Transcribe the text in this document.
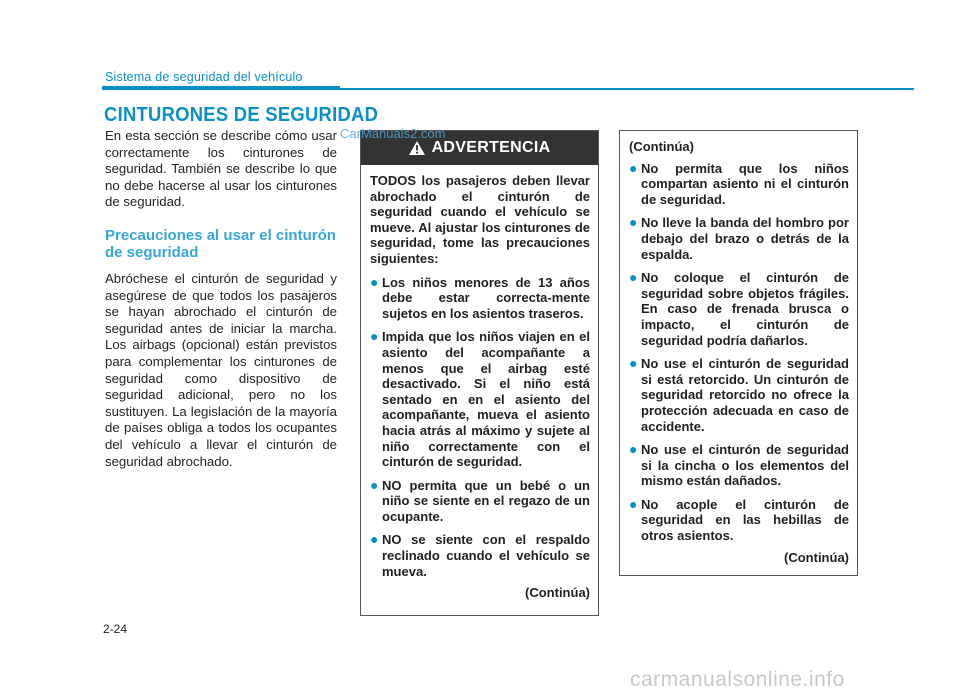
Sistema de seguridad del vehículo
CINTURONES DE SEGURIDAD

En esta sección se describe cómo usar correctamente los cinturones de seguridad. También se describe lo que no debe hacerse al usar los cinturones de seguridad.

Precauciones al usar el cinturón de seguridad

Abróchese el cinturón de seguridad y asegúrese de que todos los pasajeros se hayan abrochado el cinturón de seguridad antes de iniciar la marcha. Los airbags (opcional) están previstos para complementar los cinturones de seguridad como dispositivo de seguridad adicional, pero no los sustituyen. La legislación de la mayoría de países obliga a todos los ocupantes del vehículo a llevar el cinturón de seguridad abrochado.

ADVERTENCIA

TODOS los pasajeros deben llevar abrochado el cinturón de seguridad cuando el vehículo se mueve. Al ajustar los cinturones de seguridad, tome las precauciones siguientes:

● Los niños menores de 13 años debe estar correcta-mente sujetos en los asientos traseros.
● Impida que los niños viajen en el asiento del acompañante a menos que el airbag esté desactivado. Si el niño está sentado en en el asiento del acompañante, mueva el asiento hacia atrás al máximo y sujete al niño correctamente con el cinturón de seguridad.
● NO permita que un bebé o un niño se siente en el regazo de un ocupante.
● NO se siente con el respaldo reclinado cuando el vehículo se mueva.
(Continúa)

(Continúa)

● No permita que los niños compartan asiento ni el cinturón de seguridad.
● No lleve la banda del hombro por debajo del brazo o detrás de la espalda.
● No coloque el cinturón de seguridad sobre objetos frágiles. En caso de frenada brusca o impacto, el cinturón de seguridad podría dañarlos.
● No use el cinturón de seguridad si está retorcido. Un cinturón de seguridad retorcido no ofrece la protección adecuada en caso de accidente.
● No use el cinturón de seguridad si la cincha o los elementos del mismo están dañados.
● No acople el cinturón de seguridad en las hebillas de otros asientos.
(Continúa)
CarManuals2.com
2-24
carmanualsonline.info
